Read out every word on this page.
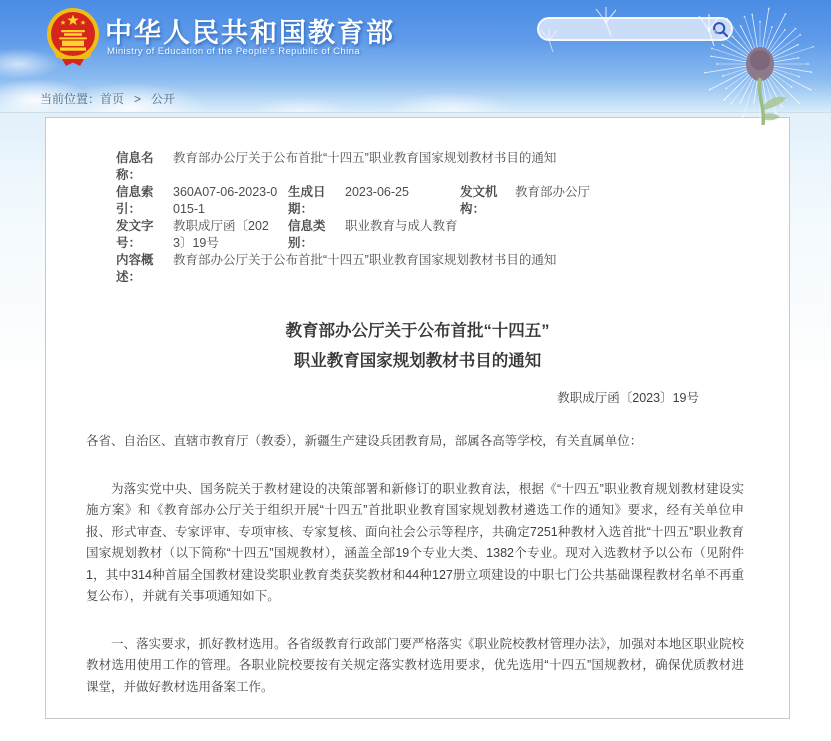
中华人民共和国教育部
Ministry of Education of the People's Republic of China
当前位置：首页 > 公开
信息名称：
教育部办公厅关于公布首批“十四五”职业教育国家规划教材书目的通知
信息索引：
360A07-06-2023-0015-1
生成日期：
2023-06-25	发文机构：
教育部办公厅
发文字号：
教职成厅函〔2023〕19号
信息类别：
职业教育与成人教育
内容概述：
教育部办公厅关于公布首批“十四五”职业教育国家规划教材书目的通知
教育部办公厅关于公布首批“十四五”
职业教育国家规划教材书目的通知
教职成厅函〔2023〕19号

各省、自治区、直辖市教育厅（教委），新疆生产建设兵团教育局，部属各高等学校，有关直属单位：

为落实党中央、国务院关于教材建设的决策部署和新修订的职业教育法，根据《“十四五”职业教育规划教材建设实施方案》和《教育部办公厅关于组织开展“十四五”首批职业教育国家规划教材遴选工作的通知》要求，经有关单位申报、形式审查、专家评审、专项审核、专家复核、面向社会公示等程序，共确定7251种教材入选首批“十四五”职业教育国家规划教材（以下简称“十四五”国规教材），涵盖全部19个专业大类、1382个专业。现对入选教材予以公布（见附件1，其中314种首届全国教材建设奖职业教育类获奖教材和44种127册立项建设的中职七门公共基础课程教材名单不再重复公布），并就有关事项通知如下。

一、落实要求，抓好教材选用。各省级教育行政部门要严格落实《职业院校教材管理办法》，加强对本地区职业院校教材选用使用工作的管理。各职业院校要按有关规定落实教材选用要求，优先选用“十四五”国规教材，确保优质教材进课堂，并做好教材选用备案工作。
